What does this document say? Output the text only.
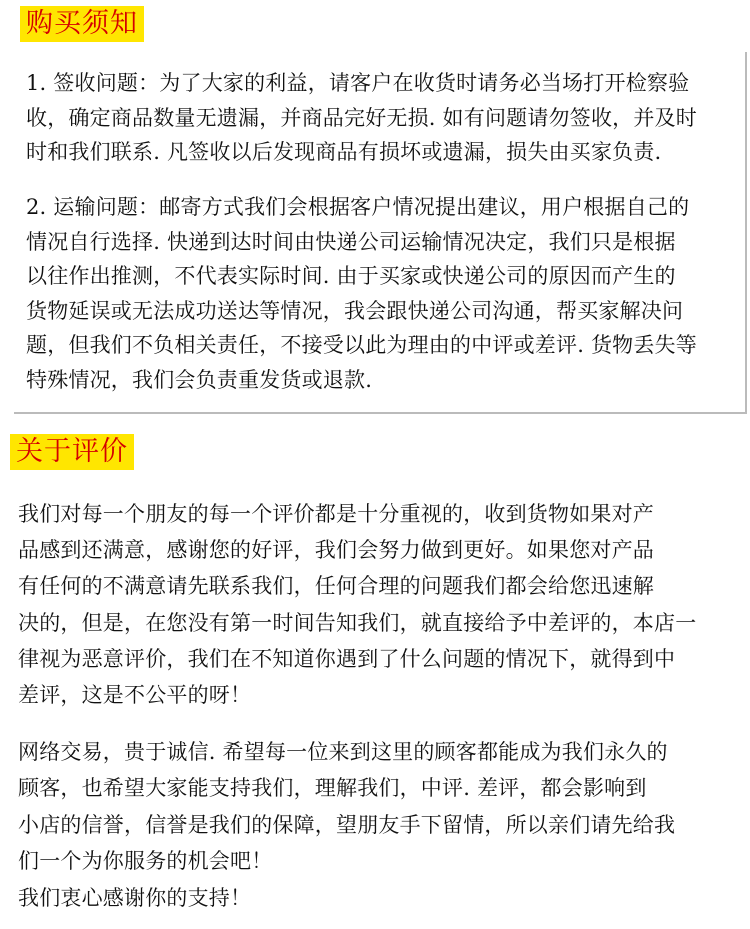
购买须知
1. 签收问题：为了大家的利益，请客户在收货时请务必当场打开检察验
收，确定商品数量无遗漏，并商品完好无损. 如有问题请勿签收，并及时
时和我们联系. 凡签收以后发现商品有损坏或遗漏，损失由买家负责.
2. 运输问题：邮寄方式我们会根据客户情况提出建议，用户根据自己的
情况自行选择. 快递到达时间由快递公司运输情况决定，我们只是根据
以往作出推测，不代表实际时间. 由于买家或快递公司的原因而产生的
货物延误或无法成功送达等情况，我会跟快递公司沟通，帮买家解决问
题，但我们不负相关责任，不接受以此为理由的中评或差评. 货物丢失等
特殊情况，我们会负责重发货或退款.
关于评价
我们对每一个朋友的每一个评价都是十分重视的，收到货物如果对产
品感到还满意，感谢您的好评，我们会努力做到更好。如果您对产品
有任何的不满意请先联系我们，任何合理的问题我们都会给您迅速解
决的，但是，在您没有第一时间告知我们，就直接给予中差评的，本店一
律视为恶意评价，我们在不知道你遇到了什么问题的情况下，就得到中
差评，这是不公平的呀！
网络交易，贵于诚信. 希望每一位来到这里的顾客都能成为我们永久的
顾客，也希望大家能支持我们，理解我们，中评. 差评，都会影响到
小店的信誉，信誉是我们的保障，望朋友手下留情，所以亲们请先给我
们一个为你服务的机会吧！
我们衷心感谢你的支持！
